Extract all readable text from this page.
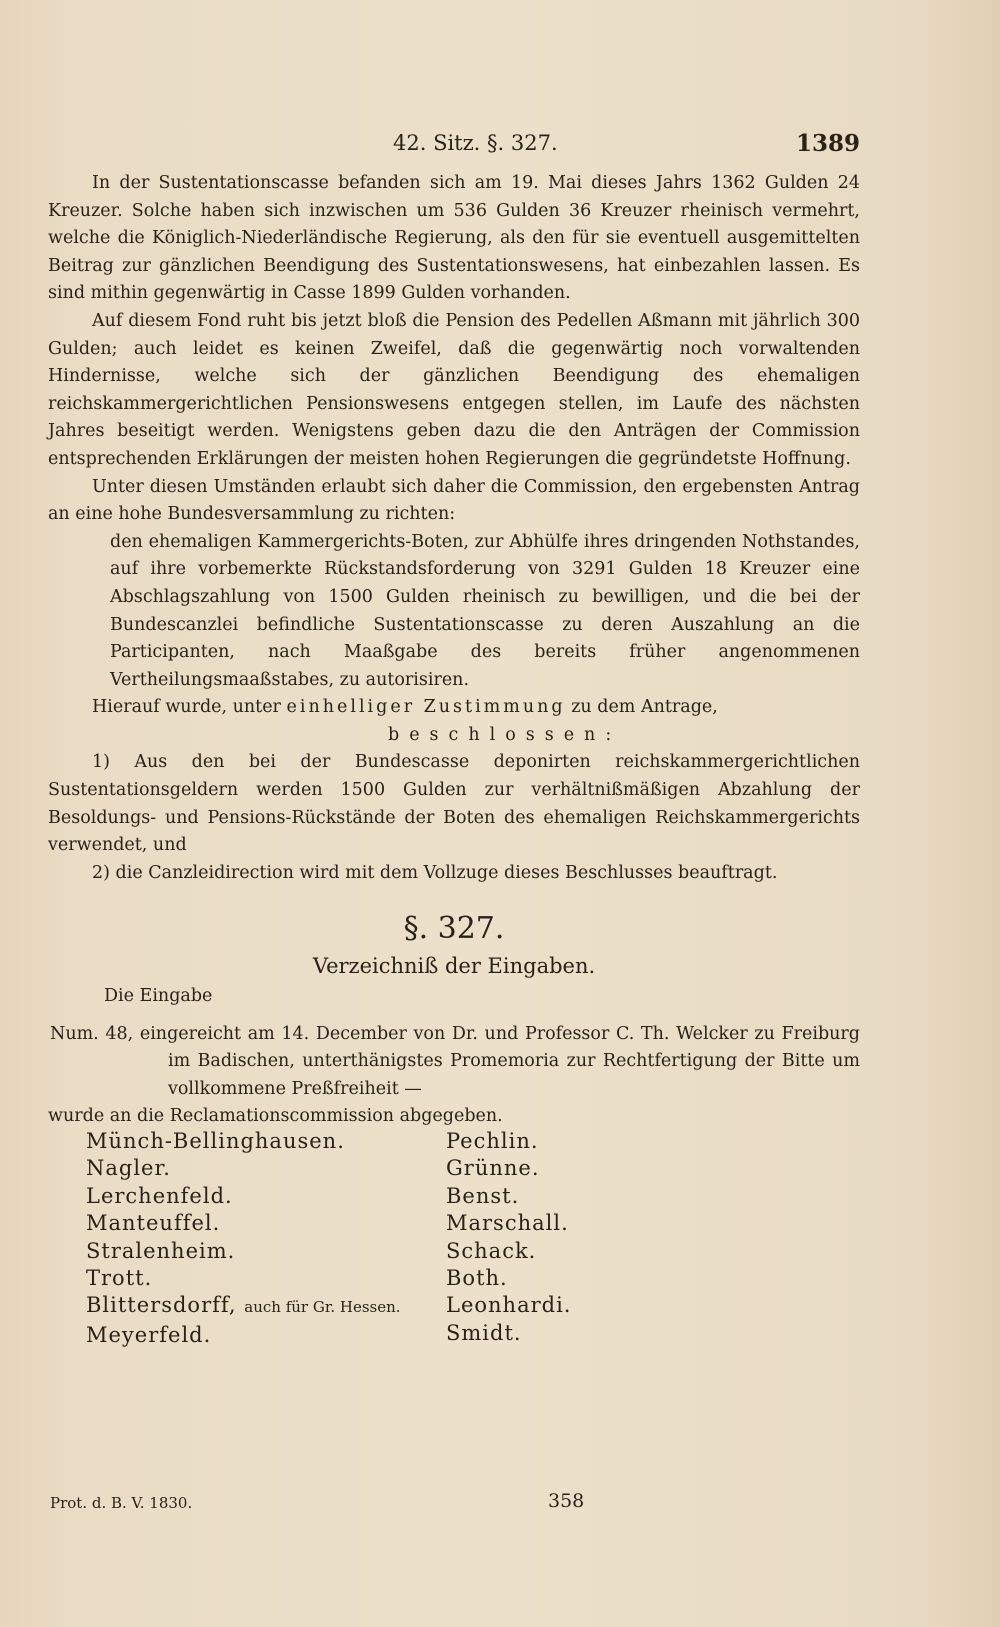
42. Sitz. §. 327.	1389

In der Sustentationscasse befanden sich am 19. Mai dieses Jahrs 1362 Gulden 24 Kreuzer. Solche haben sich inzwischen um 536 Gulden 36 Kreuzer rheinisch vermehrt, welche die Königlich-Niederländische Regierung, als den für sie eventuell ausgemittelten Beitrag zur gänzlichen Beendigung des Sustentationswesens, hat einbezahlen lassen. Es sind mithin gegenwärtig in Casse 1899 Gulden vorhanden.

Auf diesem Fond ruht bis jetzt bloß die Pension des Pedellen Aßmann mit jährlich 300 Gulden; auch leidet es keinen Zweifel, daß die gegenwärtig noch vorwaltenden Hindernisse, welche sich der gänzlichen Beendigung des ehemaligen reichskammergerichtlichen Pensionswesens entgegen stellen, im Laufe des nächsten Jahres beseitigt werden. Wenigstens geben dazu die den Anträgen der Commission entsprechenden Erklärungen der meisten hohen Regierungen die gegründetste Hoffnung.

Unter diesen Umständen erlaubt sich daher die Commission, den ergebensten Antrag an eine hohe Bundesversammlung zu richten:

den ehemaligen Kammergerichts-Boten, zur Abhülfe ihres dringenden Nothstandes, auf ihre vorbemerkte Rückstandsforderung von 3291 Gulden 18 Kreuzer eine Abschlagszahlung von 1500 Gulden rheinisch zu bewilligen, und die bei der Bundescanzlei befindliche Sustentationscasse zu deren Auszahlung an die Participanten, nach Maaßgabe des bereits früher angenommenen Vertheilungsmaaßstabes, zu autorisiren.

Hierauf wurde, unter einhelliger Zustimmung zu dem Antrage,

beschlossen:

1) Aus den bei der Bundescasse deponirten reichskammergerichtlichen Sustentationsgeldern werden 1500 Gulden zur verhältnißmäßigen Abzahlung der Besoldungs- und Pensions-Rückstände der Boten des ehemaligen Reichskammergerichts verwendet, und

2) die Canzleidirection wird mit dem Vollzuge dieses Beschlusses beauftragt.

§. 327.
Verzeichniß der Eingaben.

Die Eingabe

Num. 48, eingereicht am 14. December von Dr. und Professor C. Th. Welcker zu Freiburg im Badischen, unterthänigstes Promemoria zur Rechtfertigung der Bitte um vollkommene Preßfreiheit —

wurde an die Reclamationscommission abgegeben.

Münch-Bellinghausen.
Nagler.
Lerchenfeld.
Manteuffel.
Stralenheim.
Trott.
Blittersdorff, auch für Gr. Hessen.
Meyerfeld.
Pechlin.
Grünne.
Benst.
Marschall.
Schack.
Both.
Leonhardi.
Smidt.
Prot. d. B. V. 1830.	358
